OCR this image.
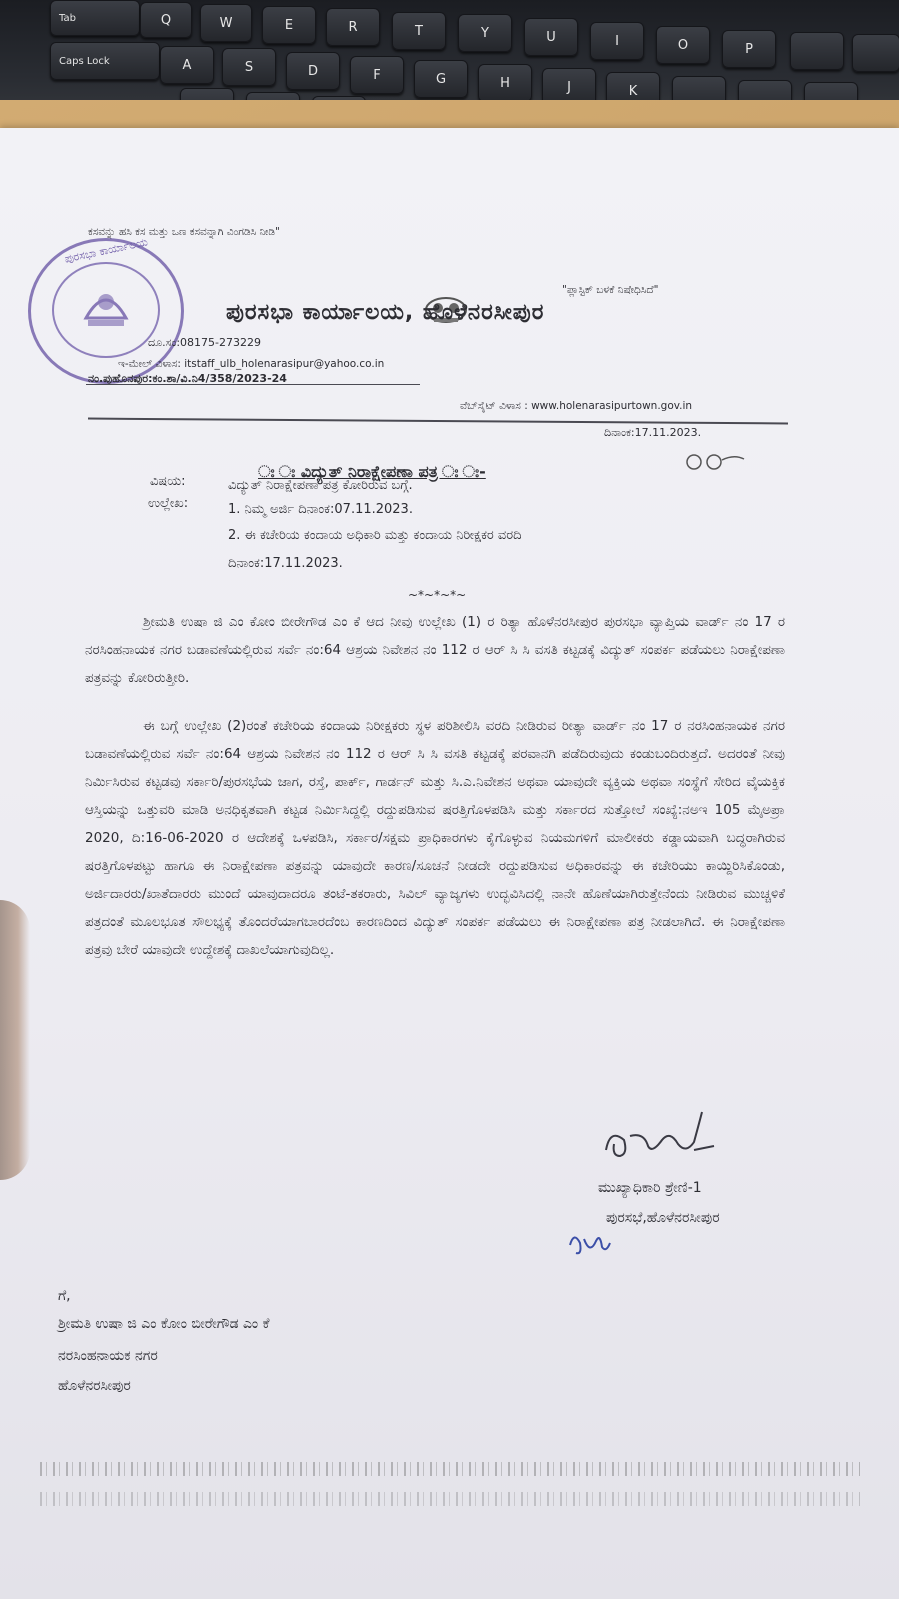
Tab	Q	W	E	R	T	Y	U	I	O	P
Caps Lock	A	S	D	F	G	H	J	K
ಕಸವನ್ನು ಹಸಿ ಕಸ ಮತ್ತು ಒಣ ಕಸವನ್ನಾಗಿ ವಿಂಗಡಿಸಿ ನೀಡಿ"
"ಪ್ಲಾಸ್ಟಿಕ್ ಬಳಕೆ ನಿಷೇಧಿಸಿದೆ"
ಪುರಸಭಾ ಕಾರ್ಯಾಲಯ, ಹೊಳೆನರಸೀಪುರ
ಪುರಸಭಾ ಕಾರ್ಯಾಲಯ
ದೂ.ಸಂ:08175-273229
ಇ-ಮೇಲ್ ವಿಳಾಸ: itstaff_ulb_holenarasipur@yahoo.co.in
ನಂ.ಪುಹೊನಪುರ:ಕಂ.ಶಾ/ವಿ.ನಿ4/358/2023-24
ವೆಬ್‌ಸೈಟ್ ವಿಳಾಸ : www.holenarasipurtown.gov.in
ದಿನಾಂಕ:17.11.2023.
ಃ ಃ ವಿದ್ಯುತ್ ನಿರಾಕ್ಷೇಪಣಾ ಪತ್ರ ಃ ಃ-
ವಿಷಯ:	ವಿದ್ಯುತ್ ನಿರಾಕ್ಷೇಪಣಾ ಪತ್ರ ಕೋರಿರುವ ಬಗ್ಗೆ.
ಉಲ್ಲೇಖ:	1. ನಿಮ್ಮ ಅರ್ಜಿ ದಿನಾಂಕ:07.11.2023.
2. ಈ ಕಚೇರಿಯ ಕಂದಾಯ ಅಧಿಕಾರಿ ಮತ್ತು ಕಂದಾಯ ನಿರೀಕ್ಷಕರ ವರದಿ
ದಿನಾಂಕ:17.11.2023.
~*~*~*~
ಶ್ರೀಮತಿ ಉಷಾ ಜಿ ಎಂ ಕೋಂ ಬೀರೇಗೌಡ ಎಂ ಕೆ ಆದ ನೀವು ಉಲ್ಲೇಖ (1) ರ ರಿತ್ಯಾ ಹೊಳೆನರಸೀಪುರ ಪುರಸಭಾ ವ್ಯಾಪ್ತಿಯ ವಾರ್ಡ್ ನಂ 17 ರ ನರಸಿಂಹನಾಯಕ ನಗರ ಬಡಾವಣೆಯಲ್ಲಿರುವ ಸರ್ವೆ ನಂ:64 ಆಶ್ರಯ ನಿವೇಶನ ನಂ 112 ರ ಆರ್ ಸಿ ಸಿ ವಸತಿ ಕಟ್ಟಡಕ್ಕೆ ವಿದ್ಯುತ್ ಸಂಪರ್ಕ ಪಡೆಯಲು ನಿರಾಕ್ಷೇಪಣಾ ಪತ್ರವನ್ನು ಕೋರಿರುತ್ತೀರಿ.
ಈ ಬಗ್ಗೆ ಉಲ್ಲೇಖ (2)ರಂತೆ ಕಚೇರಿಯ ಕಂದಾಯ ನಿರೀಕ್ಷಕರು ಸ್ಥಳ ಪರಿಶೀಲಿಸಿ ವರದಿ ನೀಡಿರುವ ರೀತ್ಯಾ ವಾರ್ಡ್ ನಂ 17 ರ ನರಸಿಂಹನಾಯಕ ನಗರ ಬಡಾವಣೆಯಲ್ಲಿರುವ ಸರ್ವೆ ನಂ:64 ಆಶ್ರಯ ನಿವೇಶನ ನಂ 112 ರ ಆರ್ ಸಿ ಸಿ ವಸತಿ ಕಟ್ಟಡಕ್ಕೆ ಪರವಾನಗಿ ಪಡೆದಿರುವುದು ಕಂಡುಬಂದಿರುತ್ತದೆ. ಅದರಂತೆ ನೀವು ನಿರ್ಮಿಸಿರುವ ಕಟ್ಟಡವು ಸರ್ಕಾರಿ/ಪುರಸಭೆಯ ಜಾಗ, ರಸ್ತೆ, ಪಾರ್ಕ್, ಗಾರ್ಡನ್ ಮತ್ತು ಸಿ.ಎ.ನಿವೇಶನ ಅಥವಾ ಯಾವುದೇ ವ್ಯಕ್ತಿಯ ಅಥವಾ ಸಂಸ್ಥೆಗೆ ಸೇರಿದ ವೈಯಕ್ತಿಕ ಆಸ್ತಿಯನ್ನು ಒತ್ತುವರಿ ಮಾಡಿ ಅನಧಿಕೃತವಾಗಿ ಕಟ್ಟಡ ನಿರ್ಮಿಸಿದ್ದಲ್ಲಿ ರದ್ದುಪಡಿಸುವ ಷರತ್ತಿಗೊಳಪಡಿಸಿ ಮತ್ತು ಸರ್ಕಾರದ ಸುತ್ತೋಲೆ ಸಂಖ್ಯೆ:ನಅಇ 105 ಮೈಅಪ್ರಾ 2020, ದಿ:16-06-2020 ರ ಆದೇಶಕ್ಕೆ ಒಳಪಡಿಸಿ, ಸರ್ಕಾರ/ಸಕ್ಷಮ ಪ್ರಾಧಿಕಾರಗಳು ಕೈಗೊಳ್ಳುವ ನಿಯಮಗಳಿಗೆ ಮಾಲೀಕರು ಕಡ್ಡಾಯವಾಗಿ ಬದ್ಧರಾಗಿರುವ ಷರತ್ತಿಗೊಳಪಟ್ಟು ಹಾಗೂ ಈ ನಿರಾಕ್ಷೇಪಣಾ ಪತ್ರವನ್ನು ಯಾವುದೇ ಕಾರಣ/ಸೂಚನೆ ನೀಡದೇ ರದ್ದುಪಡಿಸುವ ಅಧಿಕಾರವನ್ನು ಈ ಕಚೇರಿಯು ಕಾಯ್ದಿರಿಸಿಕೊಂಡು, ಅರ್ಜಿದಾರರು/ಖಾತೆದಾರರು ಮುಂದೆ ಯಾವುದಾದರೂ ತಂಟೆ-ತಕರಾರು, ಸಿವಿಲ್ ವ್ಯಾಜ್ಯಗಳು ಉದ್ಭವಿಸಿದಲ್ಲಿ ನಾನೇ ಹೊಣೆಯಾಗಿರುತ್ತೇನೆಂದು ನೀಡಿರುವ ಮುಚ್ಚಳಿಕೆ ಪತ್ರದಂತೆ ಮೂಲಭೂತ ಸೌಲಭ್ಯಕ್ಕೆ ತೊಂದರೆಯಾಗಬಾರದೆಂಬ ಕಾರಣದಿಂದ ವಿದ್ಯುತ್ ಸಂಪರ್ಕ ಪಡೆಯಲು ಈ ನಿರಾಕ್ಷೇಪಣಾ ಪತ್ರ ನೀಡಲಾಗಿದೆ. ಈ ನಿರಾಕ್ಷೇಪಣಾ ಪತ್ರವು ಬೇರೆ ಯಾವುದೇ ಉದ್ದೇಶಕ್ಕೆ ದಾಖಲೆಯಾಗುವುದಿಲ್ಲ.
ಮುಖ್ಯಾಧಿಕಾರಿ ಶ್ರೇಣಿ-1
ಪುರಸಭೆ,ಹೊಳೆನರಸೀಪುರ
ಗೆ,
ಶ್ರೀಮತಿ ಉಷಾ ಜಿ ಎಂ ಕೋಂ ಬೀರೇಗೌಡ ಎಂ ಕೆ
ನರಸಿಂಹನಾಯಕ ನಗರ
ಹೊಳೆನರಸೀಪುರ
